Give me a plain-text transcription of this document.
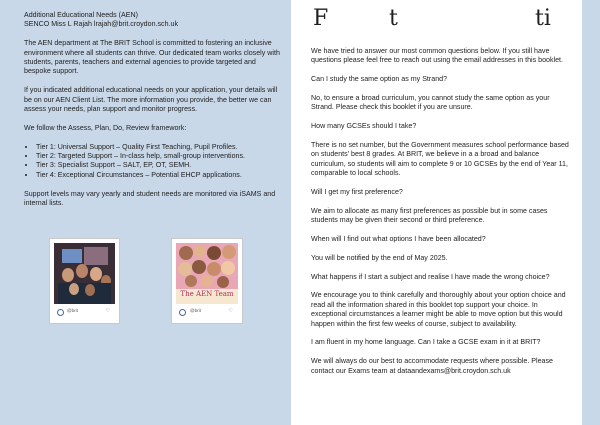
Additional Educational Needs (AEN)

SENCO Miss L Rajah lrajah@brit.croydon.sch.uk

The AEN department at The BRIT School is committed to fostering an inclusive environment where all students can thrive. Our dedicated team works closely with students, parents, teachers and external agencies to provide targeted and bespoke support.

If you indicated additional educational needs on your application, your details will be on our AEN Client List. The more information you provide, the better we can assess your needs, plan support and monitor progress.

We follow the Assess, Plan, Do, Review framework:

• Tier 1: Universal Support – Quality First Teaching, Pupil Profiles.
• Tier 2: Targeted Support – In-class help, small-group interventions.
• Tier 3: Specialist Support – SALT, EP, OT, SEMH.
• Tier 4: Exceptional Circumstances – Potential EHCP applications.

Support levels may vary yearly and student needs are monitored via iSAMS and internal lists.

@brit	♡
The AEN Team
@brit	♡
F	t	ti

We have tried to answer our most common questions below. If you still have questions please feel free to reach out using the email addresses in this booklet.

Can I study the same option as my Strand?

No, to ensure a broad curriculum, you cannot study the same option as your Strand. Please check this booklet if you are unsure.

How many GCSEs should I take?

There is no set number, but the Government measures school performance based on students' best 8 grades. At BRIT, we believe in a a broad and balance curriculum, so students will aim to complete 9 or 10 GCSEs by the end of Year 11, comparable to local schools.

Will I get my first preference?

We aim to allocate as many first preferences as possible but in some cases students may be given their second or third preference.

When will I find out what options I have been allocated?

You will be notified by the end of May 2025.

What happens if I start a subject and realise I have made the wrong choice?

We encourage you to think carefully and thoroughly about your option choice and read all the information shared in this booklet top support your choice. In exceptional circumstances a learner might be able to move option but this would happen within the first few weeks of course, subject to availability.

I am fluent in my home language. Can I take a GCSE exam in it at BRIT?

We will always do our best to accommodate requests where possible. Please contact our Exams team at dataandexams@brit.croydon.sch.uk
